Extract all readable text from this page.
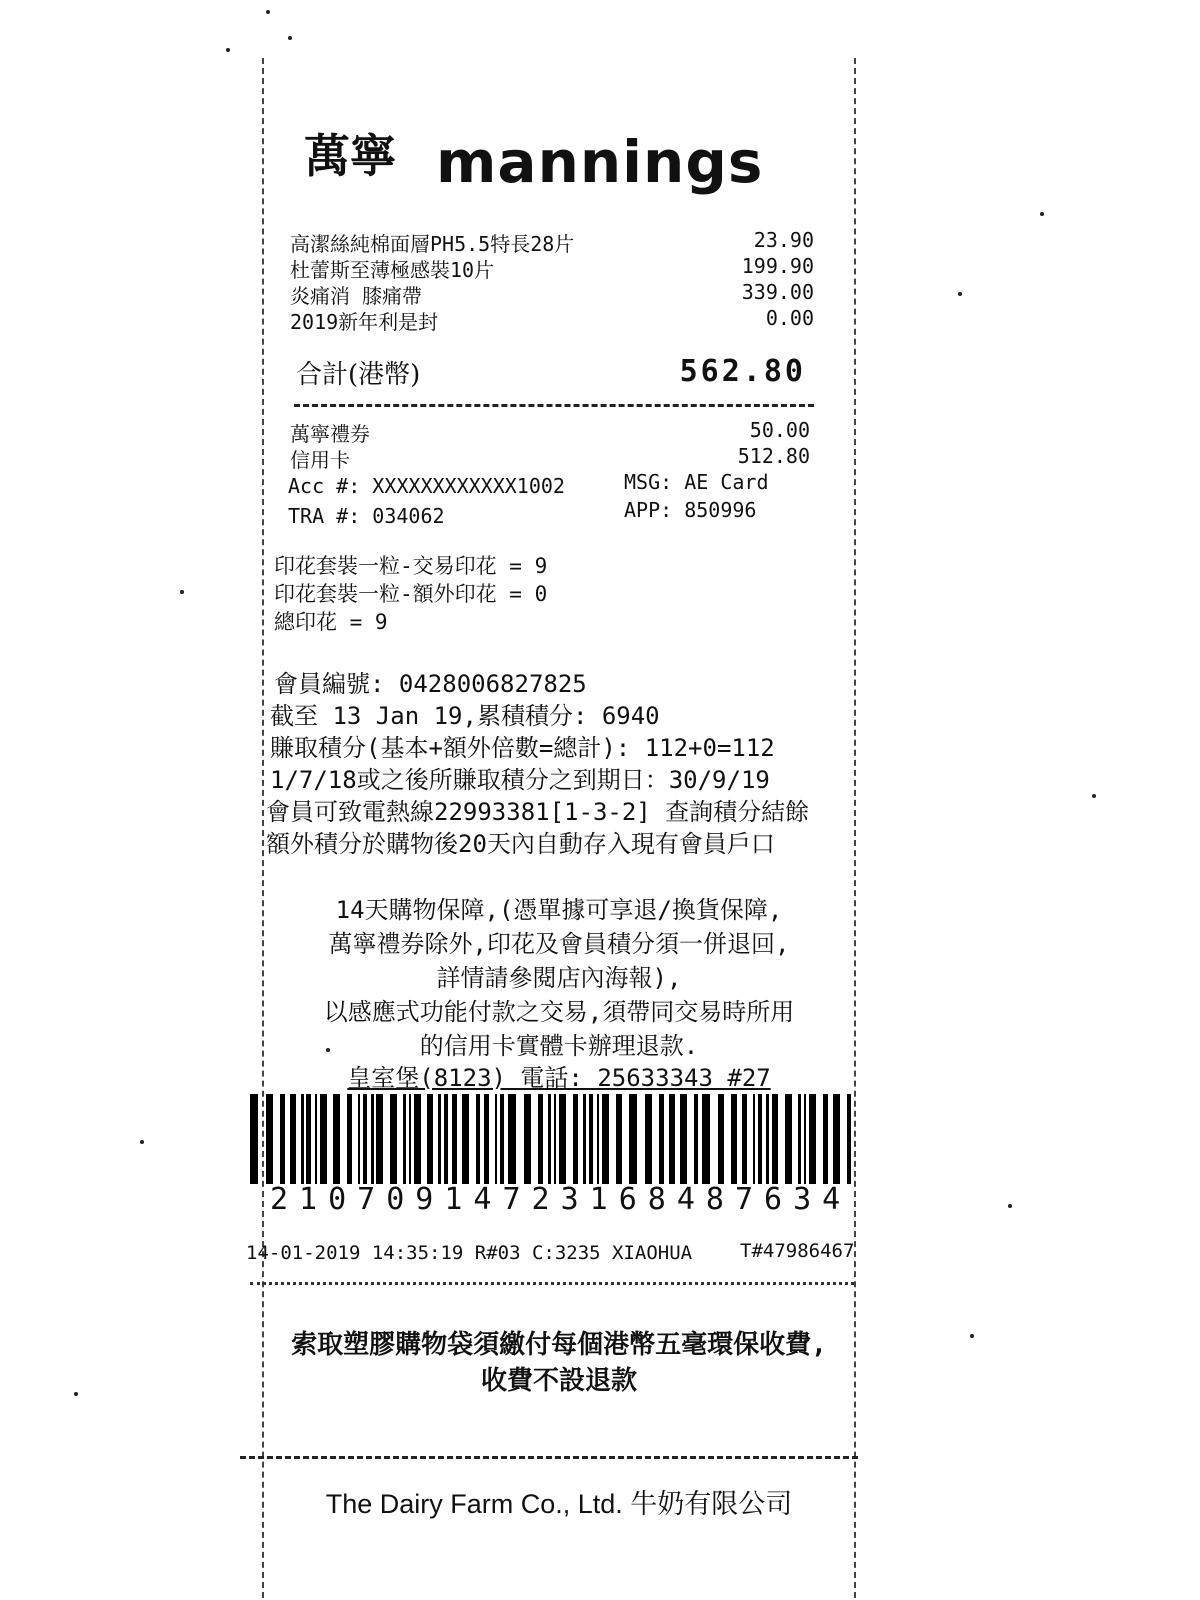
萬寧 mannings
高潔絲純棉面層PH5.5特長28片	23.90
杜蕾斯至薄極感裝10片	199.90
炎痛消 膝痛帶	339.00
2019新年利是封	0.00
合計(港幣)	562.80
萬寧禮券	50.00
信用卡	512.80
Acc #: XXXXXXXXXXXX1002	MSG: AE Card
TRA #: 034062	APP: 850996
印花套裝一粒-交易印花 = 9
印花套裝一粒-額外印花 = 0
總印花 = 9
會員編號: 0428006827825
截至 13 Jan 19,累積積分: 6940
賺取積分(基本+額外倍數=總計): 112+0=112
1/7/18或之後所賺取積分之到期日：30/9/19
會員可致電熱線22993381[1-3-2] 查詢積分結餘
額外積分於購物後20天內自動存入現有會員戶口
14天購物保障,(憑單據可享退/換貨保障,
萬寧禮券除外,印花及會員積分須一併退回,
詳情請參閱店內海報),
以感應式功能付款之交易,須帶同交易時所用
的信用卡實體卡辦理退款.
皇室堡(8123) 電話: 25633343 #27
21070914723168487634
14-01-2019 14:35:19 R#03 C:3235 XIAOHUA	T#47986467
索取塑膠購物袋須繳付每個港幣五毫環保收費,
收費不設退款
The Dairy Farm Co., Ltd. 牛奶有限公司
